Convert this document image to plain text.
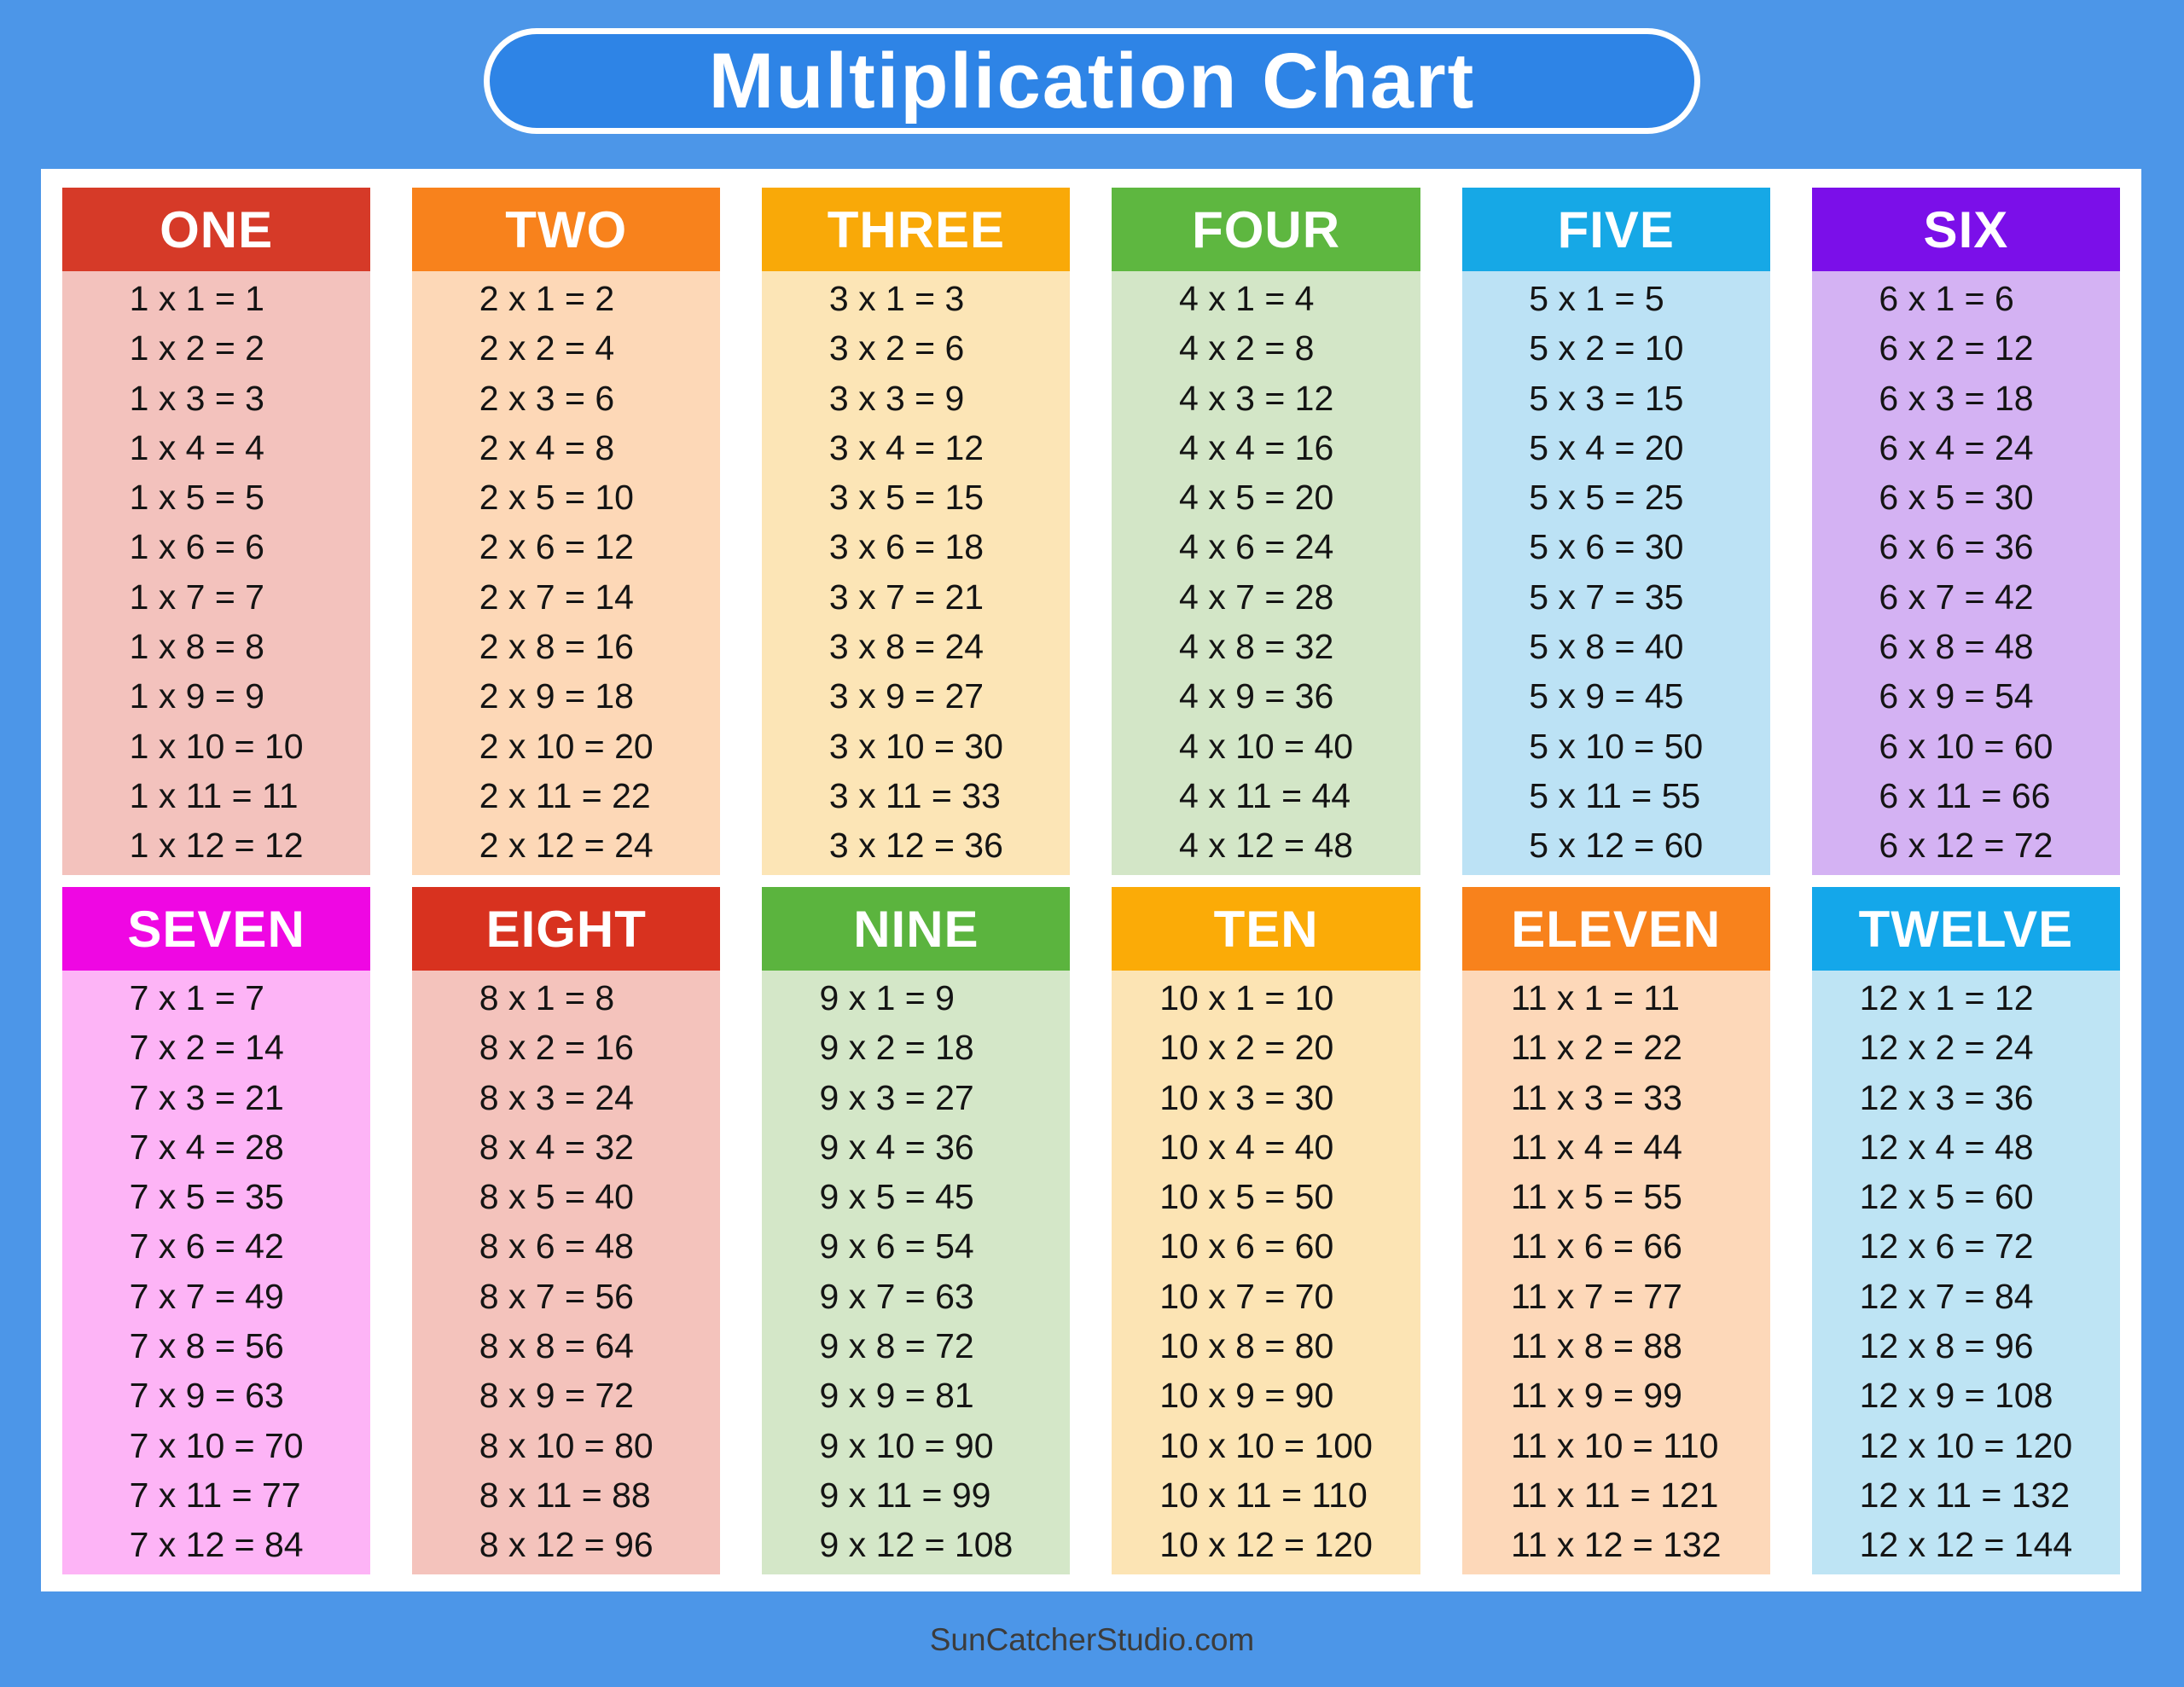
Multiplication Chart
ONE
1 x 1 = 1
1 x 2 = 2
1 x 3 = 3
1 x 4 = 4
1 x 5 = 5
1 x 6 = 6
1 x 7 = 7
1 x 8 = 8
1 x 9 = 9
1 x 10 = 10
1 x 11 = 11
1 x 12 = 12
TWO
2 x 1 = 2
2 x 2 = 4
2 x 3 = 6
2 x 4 = 8
2 x 5 = 10
2 x 6 = 12
2 x 7 = 14
2 x 8 = 16
2 x 9 = 18
2 x 10 = 20
2 x 11 = 22
2 x 12 = 24
THREE
3 x 1 = 3
3 x 2 = 6
3 x 3 = 9
3 x 4 = 12
3 x 5 = 15
3 x 6 = 18
3 x 7 = 21
3 x 8 = 24
3 x 9 = 27
3 x 10 = 30
3 x 11 = 33
3 x 12 = 36
FOUR
4 x 1 = 4
4 x 2 = 8
4 x 3 = 12
4 x 4 = 16
4 x 5 = 20
4 x 6 = 24
4 x 7 = 28
4 x 8 = 32
4 x 9 = 36
4 x 10 = 40
4 x 11 = 44
4 x 12 = 48
FIVE
5 x 1 = 5
5 x 2 = 10
5 x 3 = 15
5 x 4 = 20
5 x 5 = 25
5 x 6 = 30
5 x 7 = 35
5 x 8 = 40
5 x 9 = 45
5 x 10 = 50
5 x 11 = 55
5 x 12 = 60
SIX
6 x 1 = 6
6 x 2 = 12
6 x 3 = 18
6 x 4 = 24
6 x 5 = 30
6 x 6 = 36
6 x 7 = 42
6 x 8 = 48
6 x 9 = 54
6 x 10 = 60
6 x 11 = 66
6 x 12 = 72
SEVEN
7 x 1 = 7
7 x 2 = 14
7 x 3 = 21
7 x 4 = 28
7 x 5 = 35
7 x 6 = 42
7 x 7 = 49
7 x 8 = 56
7 x 9 = 63
7 x 10 = 70
7 x 11 = 77
7 x 12 = 84
EIGHT
8 x 1 = 8
8 x 2 = 16
8 x 3 = 24
8 x 4 = 32
8 x 5 = 40
8 x 6 = 48
8 x 7 = 56
8 x 8 = 64
8 x 9 = 72
8 x 10 = 80
8 x 11 = 88
8 x 12 = 96
NINE
9 x 1 = 9
9 x 2 = 18
9 x 3 = 27
9 x 4 = 36
9 x 5 = 45
9 x 6 = 54
9 x 7 = 63
9 x 8 = 72
9 x 9 = 81
9 x 10 = 90
9 x 11 = 99
9 x 12 = 108
TEN
10 x 1 = 10
10 x 2 = 20
10 x 3 = 30
10 x 4 = 40
10 x 5 = 50
10 x 6 = 60
10 x 7 = 70
10 x 8 = 80
10 x 9 = 90
10 x 10 = 100
10 x 11 = 110
10 x 12 = 120
ELEVEN
11 x 1 = 11
11 x 2 = 22
11 x 3 = 33
11 x 4 = 44
11 x 5 = 55
11 x 6 = 66
11 x 7 = 77
11 x 8 = 88
11 x 9 = 99
11 x 10 = 110
11 x 11 = 121
11 x 12 = 132
TWELVE
12 x 1 = 12
12 x 2 = 24
12 x 3 = 36
12 x 4 = 48
12 x 5 = 60
12 x 6 = 72
12 x 7 = 84
12 x 8 = 96
12 x 9 = 108
12 x 10 = 120
12 x 11 = 132
12 x 12 = 144
SunCatcherStudio.com
